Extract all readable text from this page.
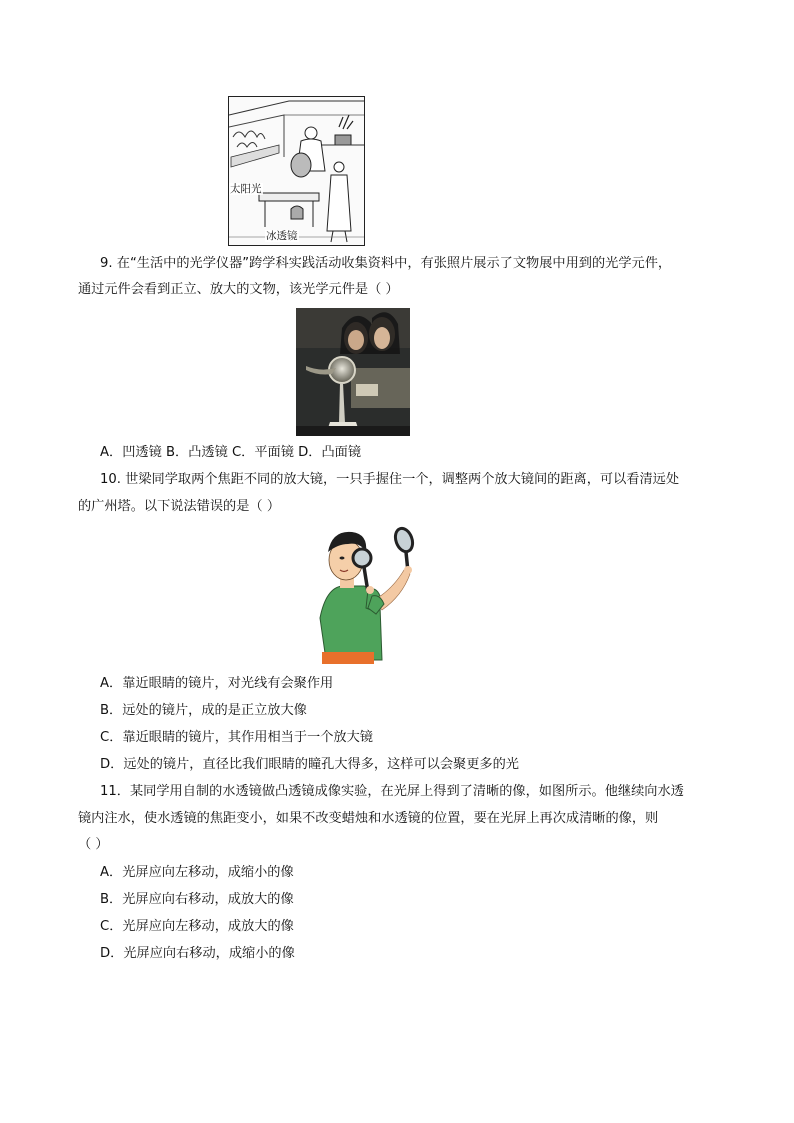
太阳光
冰透镜
9. 在“生活中的光学仪器”跨学科实践活动收集资料中，有张照片展示了文物展中用到的光学元件，
通过元件会看到正立、放大的文物，该光学元件是（ ）
A．凹透镜 B．凸透镜 C．平面镜 D．凸面镜
10. 世梁同学取两个焦距不同的放大镜，一只手握住一个，调整两个放大镜间的距离，可以看清远处
的广州塔。以下说法错误的是（ ）
A．靠近眼睛的镜片，对光线有会聚作用
B．远处的镜片，成的是正立放大像
C．靠近眼睛的镜片，其作用相当于一个放大镜
D．远处的镜片，直径比我们眼睛的瞳孔大得多，这样可以会聚更多的光
11．某同学用自制的水透镜做凸透镜成像实验，在光屏上得到了清晰的像，如图所示。他继续向水透
镜内注水，使水透镜的焦距变小，如果不改变蜡烛和水透镜的位置，要在光屏上再次成清晰的像，则
（ ）
A．光屏应向左移动，成缩小的像
B．光屏应向右移动，成放大的像
C．光屏应向左移动，成放大的像
D．光屏应向右移动，成缩小的像
